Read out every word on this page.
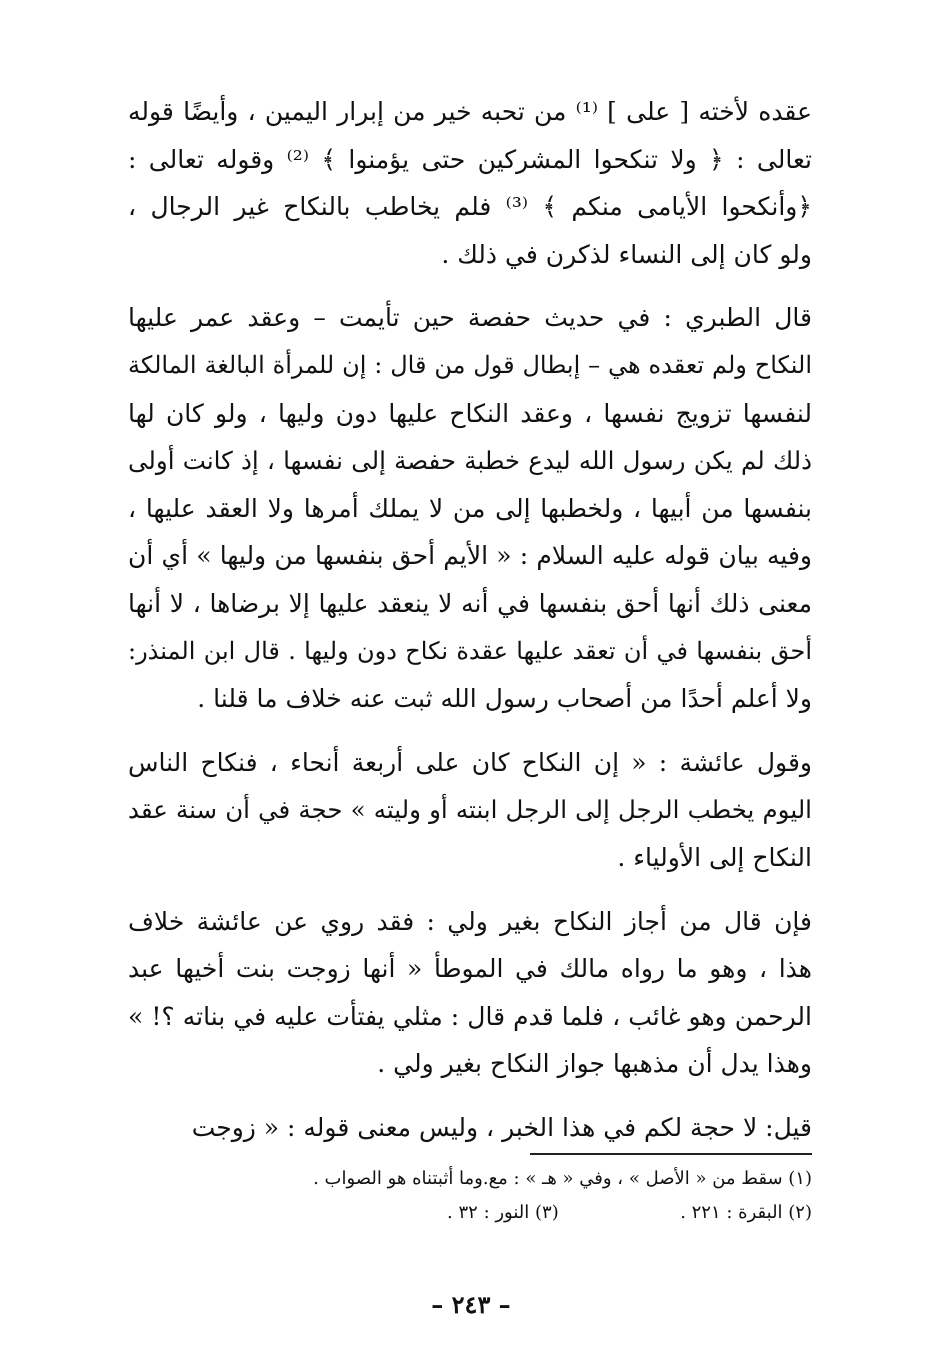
عقده لأخته [ على ] ⁽¹⁾ من تحبه خير من إبرار اليمين ، وأيضًا قوله
تعالى : ﴿ ولا تنكحوا المشركين حتى يؤمنوا ﴾ ⁽²⁾ وقوله تعالى :
﴿وأنكحوا الأيامى منكم ﴾ ⁽³⁾ فلم يخاطب بالنكاح غير الرجال ،
ولو كان إلى النساء لذكرن في ذلك .

قال الطبري : في حديث حفصة حين تأيمت – وعقد عمر عليها
النكاح ولم تعقده هي – إبطال قول من قال : إن للمرأة البالغة المالكة
لنفسها تزويج نفسها ، وعقد النكاح عليها دون وليها ، ولو كان لها
ذلك لم يكن رسول الله ليدع خطبة حفصة إلى نفسها ، إذ كانت أولى
بنفسها من أبيها ، ولخطبها إلى من لا يملك أمرها ولا العقد عليها ،
وفيه بيان قوله عليه السلام : « الأيم أحق بنفسها من وليها » أي أن
معنى ذلك أنها أحق بنفسها في أنه لا ينعقد عليها إلا برضاها ، لا أنها
أحق بنفسها في أن تعقد عليها عقدة نكاح دون وليها . قال ابن المنذر:
ولا أعلم أحدًا من أصحاب رسول الله ثبت عنه خلاف ما قلنا .

وقول عائشة : « إن النكاح كان على أربعة أنحاء ، فنكاح الناس
اليوم يخطب الرجل إلى الرجل ابنته أو وليته » حجة في أن سنة عقد
النكاح إلى الأولياء .

فإن قال من أجاز النكاح بغير ولي : فقد روي عن عائشة خلاف
هذا ، وهو ما رواه مالك في الموطأ « أنها زوجت بنت أخيها عبد
الرحمن وهو غائب ، فلما قدم قال : مثلي يفتأت عليه في بناته ؟! »
وهذا يدل أن مذهبها جواز النكاح بغير ولي .

قيل: لا حجة لكم في هذا الخبر ، وليس معنى قوله : « زوجت

(١) سقط من « الأصل » ، وفي « هـ » : مع.وما أثبتناه هو الصواب .
(٢) البقرة : ٢٢١ .  (٣) النور : ٣٢ .
– ٢٤٣ –
